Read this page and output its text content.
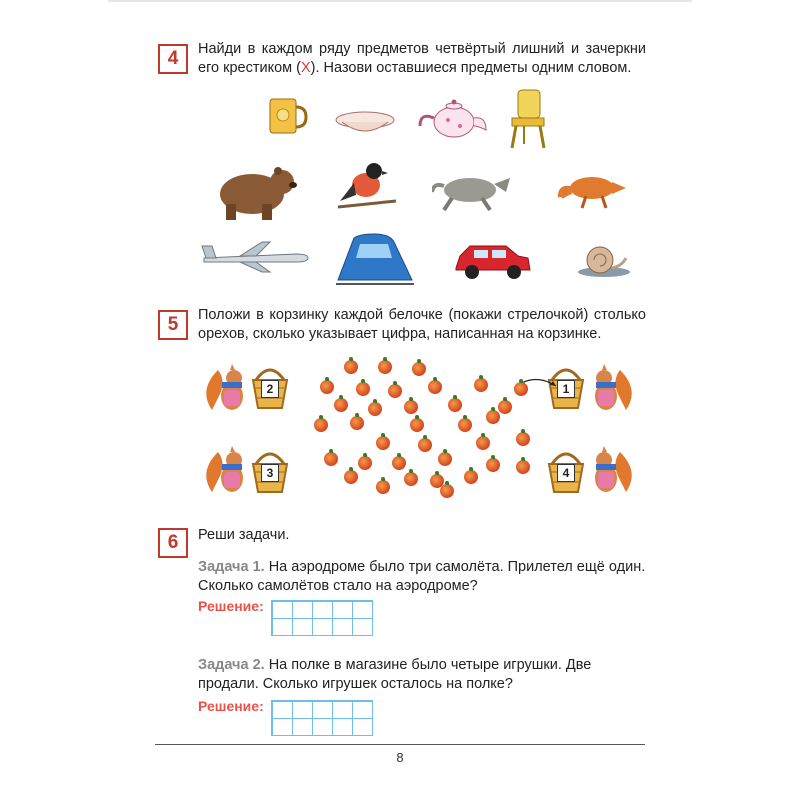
4	Найди в каждом ряду предметов четвёртый лишний и зачеркни его крестиком (X). Назови оставшиеся предметы одним словом.
5	Положи в корзинку каждой белочке (покажи стрелочкой) столько орехов, сколько указывает цифра, написанная на корзинке.
2
3
1
4
6	Реши задачи.
Задача 1. На аэродроме было три самолёта. Прилетел ещё один. Сколько самолётов стало на аэродроме?
Решение:
Задача 2. На полке в магазине было четыре игрушки. Две продали. Сколько игрушек осталось на полке?
Решение:
8
